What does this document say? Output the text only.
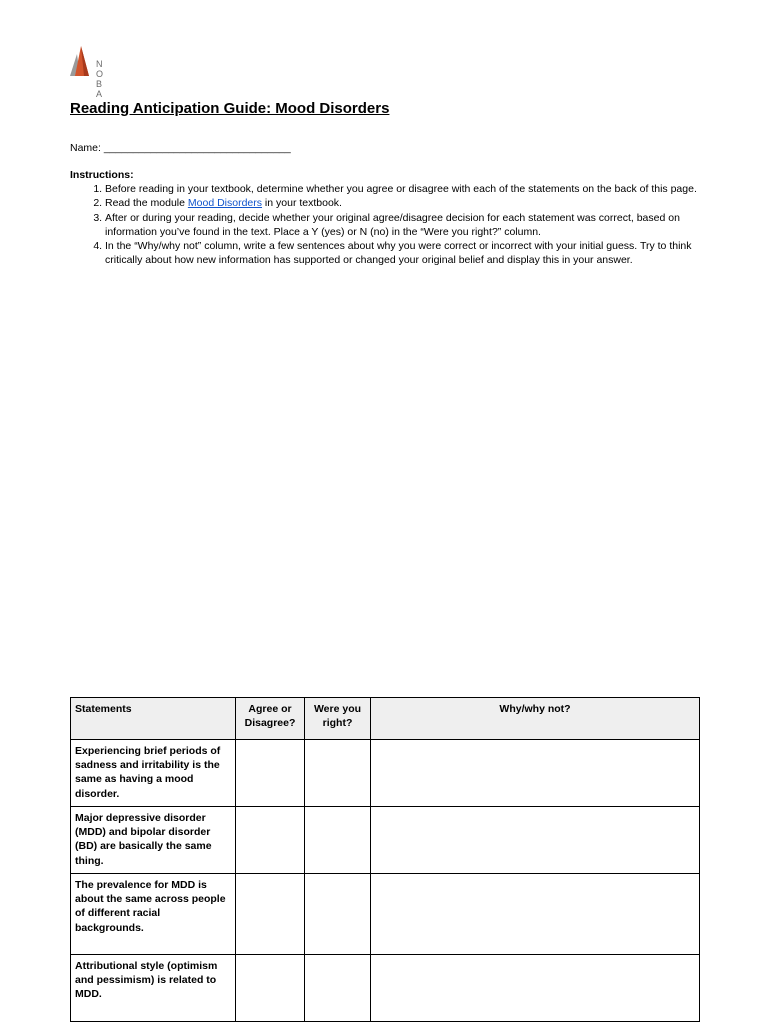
N O B A
Reading Anticipation Guide: Mood Disorders
Name: ________________________________
Instructions:
1. Before reading in your textbook, determine whether you agree or disagree with each of the statements on the back of this page.
2. Read the module Mood Disorders in your textbook.
3. After or during your reading, decide whether your original agree/disagree decision for each statement was correct, based on information you’ve found in the text. Place a Y (yes) or N (no) in the “Were you right?” column.
4. In the “Why/why not” column, write a few sentences about why you were correct or incorrect with your initial guess. Try to think critically about how new information has supported or changed your original belief and display this in your answer.
Statements	Agree or Disagree?	Were you right?	Why/why not?
Experiencing brief periods of sadness and irritability is the same as having a mood disorder.			
Major depressive disorder (MDD) and bipolar disorder (BD) are basically the same thing.			
The prevalence for MDD is about the same across people of different racial backgrounds.			
Attributional style (optimism and pessimism) is related to MDD.			
